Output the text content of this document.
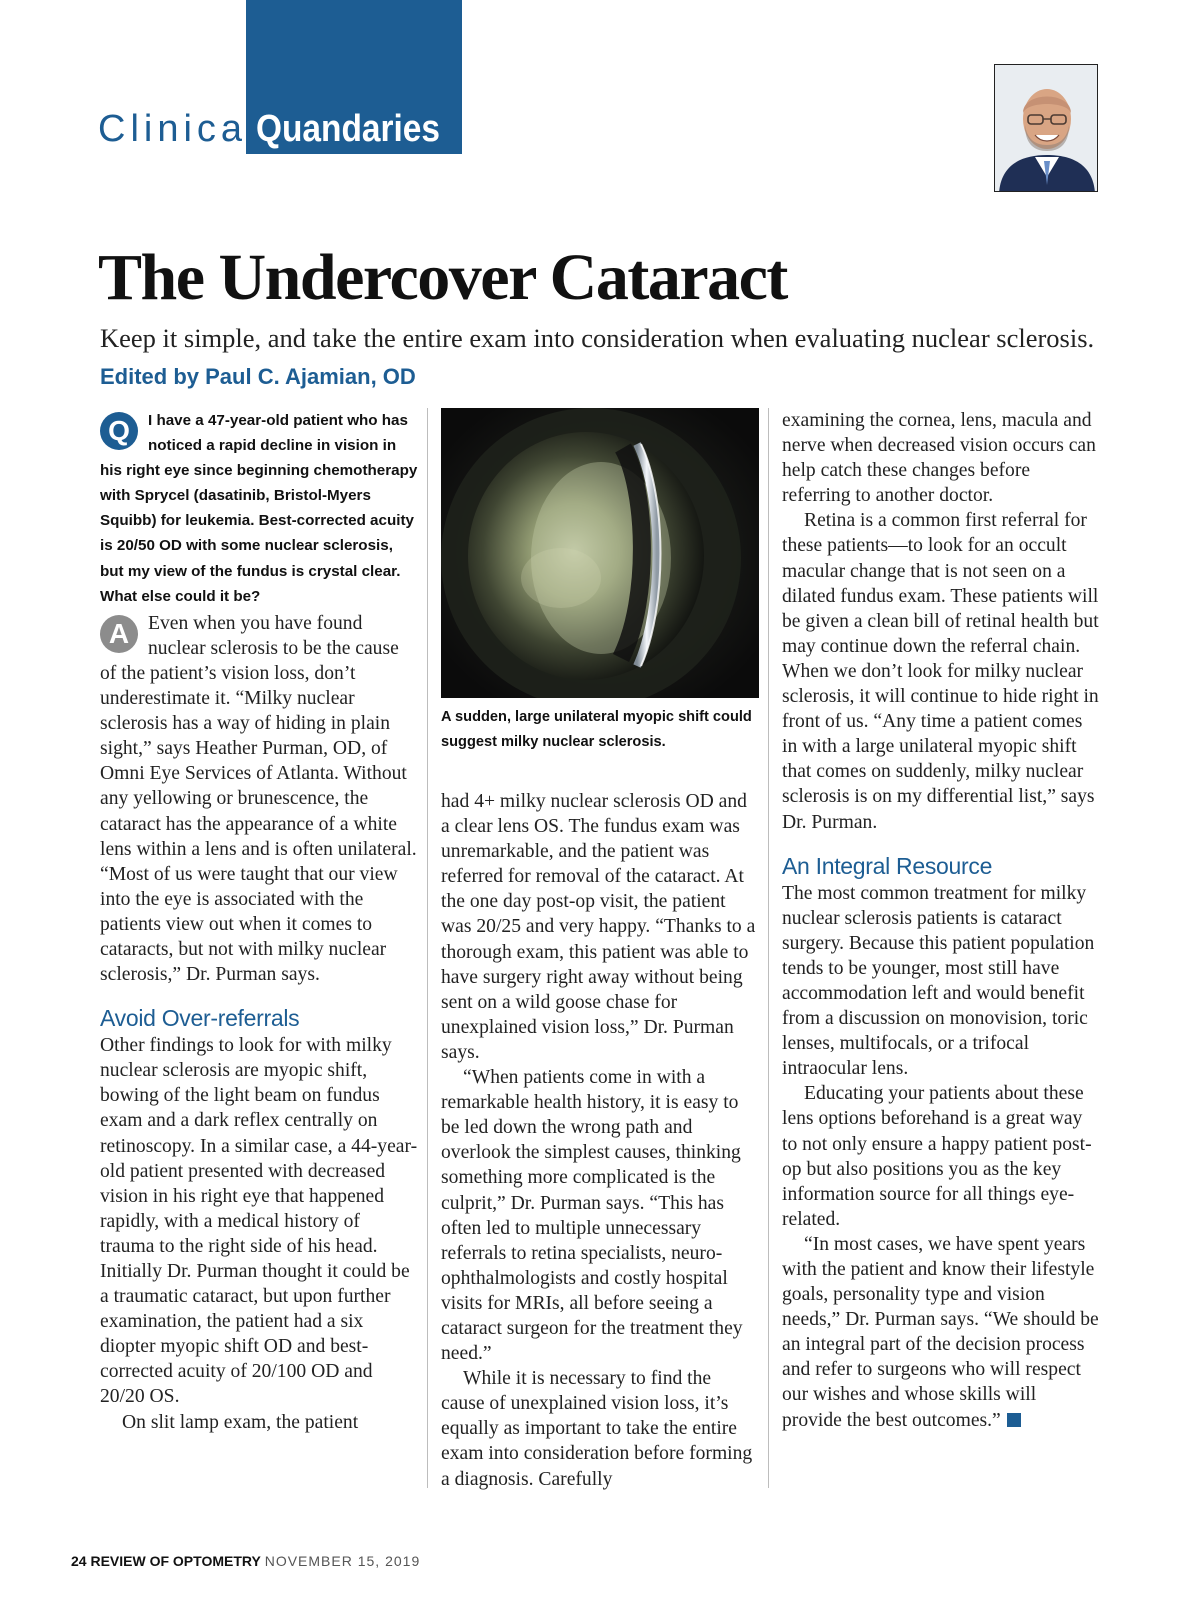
Clinical
Quandaries
The Undercover Cataract
Keep it simple, and take the entire exam into consideration when evaluating nuclear sclerosis. Edited by Paul C. Ajamian, OD
Q	I have a 47-year-old patient who has noticed a rapid decline in vision in his right eye since beginning chemotherapy with Sprycel (dasatinib, Bristol-Myers Squibb) for leukemia. Best-corrected acuity is 20/50 OD with some nuclear sclerosis, but my view of the fundus is crystal clear. What else could it be?
A Even when you have found nuclear sclerosis to be the cause of the patient’s vision loss, don’t underestimate it. “Milky nuclear sclerosis has a way of hiding in plain sight,” says Heather Purman, OD, of Omni Eye Services of Atlanta. Without any yellowing or brunescence, the cataract has the appearance of a white lens within a lens and is often unilateral. “Most of us were taught that our view into the eye is associated with the patients view out when it comes to cataracts, but not with milky nuclear sclerosis,” Dr. Purman says.
Avoid Over-referrals

Other findings to look for with milky nuclear sclerosis are myopic shift, bowing of the light beam on fundus exam and a dark reflex centrally on retinoscopy. In a similar case, a 44-year-old patient presented with decreased vision in his right eye that happened rapidly, with a medical history of trauma to the right side of his head. Initially Dr. Purman thought it could be a traumatic cataract, but upon further examination, the patient had a six diopter myopic shift OD and best-corrected acuity of 20/100 OD and 20/20 OS.

On slit lamp exam, the patient

A sudden, large unilateral myopic shift could suggest milky nuclear sclerosis.

had 4+ milky nuclear sclerosis OD and a clear lens OS. The fundus exam was unremarkable, and the patient was referred for removal of the cataract. At the one day post-op visit, the patient was 20/25 and very happy. “Thanks to a thorough exam, this patient was able to have surgery right away without being sent on a wild goose chase for unexplained vision loss,” Dr. Purman says.

“When patients come in with a remarkable health history, it is easy to be led down the wrong path and overlook the simplest causes, thinking something more complicated is the culprit,” Dr. Purman says. “This has often led to multiple unnecessary referrals to retina specialists, neuro-ophthalmologists and costly hospital visits for MRIs, all before seeing a cataract surgeon for the treatment they need.”

While it is necessary to find the cause of unexplained vision loss, it’s equally as important to take the entire exam into consideration before forming a diagnosis. Carefully

examining the cornea, lens, macula and nerve when decreased vision occurs can help catch these changes before referring to another doctor.

Retina is a common first referral for these patients—to look for an occult macular change that is not seen on a dilated fundus exam. These patients will be given a clean bill of retinal health but may continue down the referral chain. When we don’t look for milky nuclear sclerosis, it will continue to hide right in front of us. “Any time a patient comes in with a large unilateral myopic shift that comes on suddenly, milky nuclear sclerosis is on my differential list,” says Dr. Purman.

An Integral Resource

The most common treatment for milky nuclear sclerosis patients is cataract surgery. Because this patient population tends to be younger, most still have accommodation left and would benefit from a discussion on monovision, toric lenses, multifocals, or a trifocal intraocular lens.

Educating your patients about these lens options beforehand is a great way to not only ensure a happy patient post-op but also positions you as the key information source for all things eye-related.

“In most cases, we have spent years with the patient and know their lifestyle goals, personality type and vision needs,” Dr. Purman says. “We should be an integral part of the decision process and refer to surgeons who will respect our wishes and whose skills will provide the best outcomes.”

24 REVIEW OF OPTOMETRY NOVEMBER 15, 2019
